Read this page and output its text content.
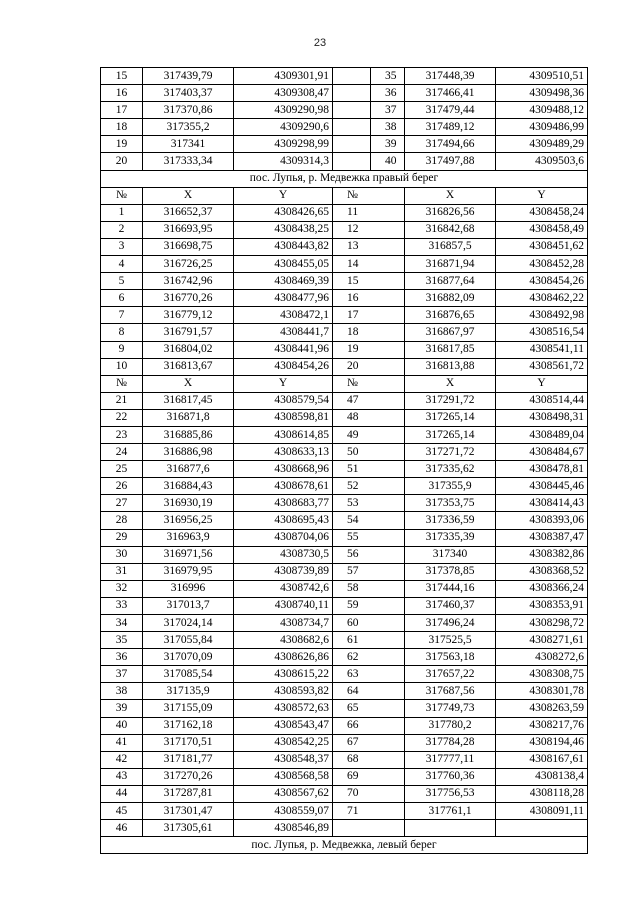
23
15	317439,79	4309301,91		35	317448,39	4309510,51
16	317403,37	4309308,47		36	317466,41	4309498,36
17	317370,86	4309290,98		37	317479,44	4309488,12
18	317355,2	4309290,6		38	317489,12	4309486,99
19	317341	4309298,99		39	317494,66	4309489,29
20	317333,34	4309314,3		40	317497,88	4309503,6
пос. Лупья, р. Медвежка правый берег						
№	X	Y	№		X	Y
1	316652,37	4308426,65	11		316826,56	4308458,24
2	316693,95	4308438,25	12		316842,68	4308458,49
3	316698,75	4308443,82	13		316857,5	4308451,62
4	316726,25	4308455,05	14		316871,94	4308452,28
5	316742,96	4308469,39	15		316877,64	4308454,26
6	316770,26	4308477,96	16		316882,09	4308462,22
7	316779,12	4308472,1	17		316876,65	4308492,98
8	316791,57	4308441,7	18		316867,97	4308516,54
9	316804,02	4308441,96	19		316817,85	4308541,11
10	316813,67	4308454,26	20		316813,88	4308561,72
№	X	Y	№		X	Y
21	316817,45	4308579,54	47		317291,72	4308514,44
22	316871,8	4308598,81	48		317265,14	4308498,31
23	316885,86	4308614,85	49		317265,14	4308489,04
24	316886,98	4308633,13	50		317271,72	4308484,67
25	316877,6	4308668,96	51		317335,62	4308478,81
26	316884,43	4308678,61	52		317355,9	4308445,46
27	316930,19	4308683,77	53		317353,75	4308414,43
28	316956,25	4308695,43	54		317336,59	4308393,06
29	316963,9	4308704,06	55		317335,39	4308387,47
30	316971,56	4308730,5	56		317340	4308382,86
31	316979,95	4308739,89	57		317378,85	4308368,52
32	316996	4308742,6	58		317444,16	4308366,24
33	317013,7	4308740,11	59		317460,37	4308353,91
34	317024,14	4308734,7	60		317496,24	4308298,72
35	317055,84	4308682,6	61		317525,5	4308271,61
36	317070,09	4308626,86	62		317563,18	4308272,6
37	317085,54	4308615,22	63		317657,22	4308308,75
38	317135,9	4308593,82	64		317687,56	4308301,78
39	317155,09	4308572,63	65		317749,73	4308263,59
40	317162,18	4308543,47	66		317780,2	4308217,76
41	317170,51	4308542,25	67		317784,28	4308194,46
42	317181,77	4308548,37	68		317777,11	4308167,61
43	317270,26	4308568,58	69		317760,36	4308138,4
44	317287,81	4308567,62	70		317756,53	4308118,28
45	317301,47	4308559,07	71		317761,1	4308091,11
46	317305,61	4308546,89				
пос. Лупья, р. Медвежка, левый берег						
